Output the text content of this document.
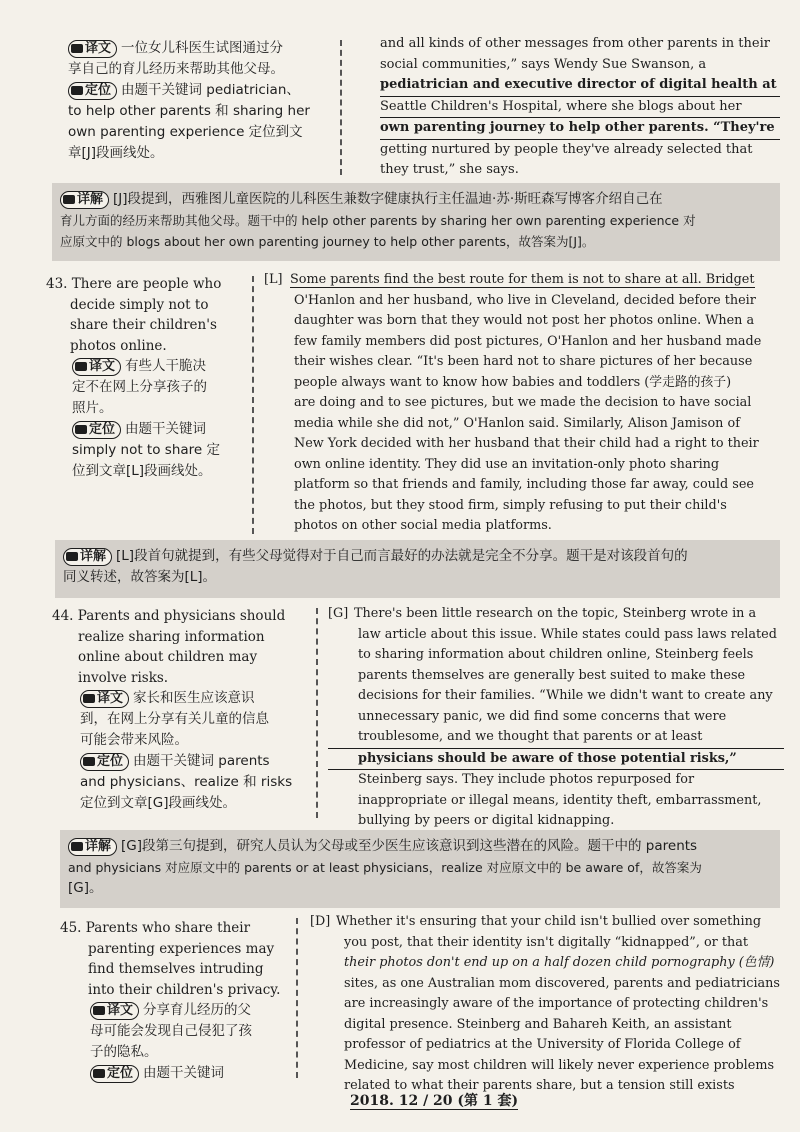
译文 一位女儿科医生试图通过分
享自己的育儿经历来帮助其他父母。
定位 由题干关键词 pediatrician、
to help other parents 和 sharing her
own parenting experience 定位到文
章[J]段画线处。
and all kinds of other messages from other parents in their
social communities,” says Wendy Sue Swanson, a
pediatrician and executive director of digital health at
Seattle Children's Hospital, where she blogs about her
own parenting journey to help other parents. “They're
getting nurtured by people they've already selected that
they trust,” she says.
详解 [J]段提到，西雅图儿童医院的儿科医生兼数字健康执行主任温迪·苏·斯旺森写博客介绍自己在
育儿方面的经历来帮助其他父母。题干中的 help other parents by sharing her own parenting experience 对
应原文中的 blogs about her own parenting journey to help other parents，故答案为[J]。
43. There are people who
decide simply not to
share their children's
photos online.
译文 有些人干脆决
定不在网上分享孩子的
照片。
定位 由题干关键词
simply not to share 定
位到文章[L]段画线处。
[L] Some parents find the best route for them is not to share at all. Bridget
O'Hanlon and her husband, who live in Cleveland, decided before their
daughter was born that they would not post her photos online. When a
few family members did post pictures, O'Hanlon and her husband made
their wishes clear. “It's been hard not to share pictures of her because
people always want to know how babies and toddlers (学走路的孩子)
are doing and to see pictures, but we made the decision to have social
media while she did not,” O'Hanlon said. Similarly, Alison Jamison of
New York decided with her husband that their child had a right to their
own online identity. They did use an invitation-only photo sharing
platform so that friends and family, including those far away, could see
the photos, but they stood firm, simply refusing to put their child's
photos on other social media platforms.
详解 [L]段首句就提到，有些父母觉得对于自己而言最好的办法就是完全不分享。题干是对该段首句的
同义转述，故答案为[L]。
44. Parents and physicians should
realize sharing information
online about children may
involve risks.
译文 家长和医生应该意识
到，在网上分享有关儿童的信息
可能会带来风险。
定位 由题干关键词 parents
and physicians、realize 和 risks
定位到文章[G]段画线处。
[G] There's been little research on the topic, Steinberg wrote in a
law article about this issue. While states could pass laws related
to sharing information about children online, Steinberg feels
parents themselves are generally best suited to make these
decisions for their families. “While we didn't want to create any
unnecessary panic, we did find some concerns that were
troublesome, and we thought that parents or at least
physicians should be aware of those potential risks,”
Steinberg says. They include photos repurposed for
inappropriate or illegal means, identity theft, embarrassment,
bullying by peers or digital kidnapping.
详解 [G]段第三句提到，研究人员认为父母或至少医生应该意识到这些潜在的风险。题干中的 parents
and physicians 对应原文中的 parents or at least physicians，realize 对应原文中的 be aware of，故答案为
[G]。
45. Parents who share their
parenting experiences may
find themselves intruding
into their children's privacy.
译文 分享育儿经历的父
母可能会发现自己侵犯了孩
子的隐私。
定位 由题干关键词
[D] Whether it's ensuring that your child isn't bullied over something
you post, that their identity isn't digitally “kidnapped”, or that
their photos don't end up on a half dozen child pornography (色情)
sites, as one Australian mom discovered, parents and pediatricians
are increasingly aware of the importance of protecting children's
digital presence. Steinberg and Bahareh Keith, an assistant
professor of pediatrics at the University of Florida College of
Medicine, say most children will likely never experience problems
related to what their parents share, but a tension still exists
2018. 12 / 20 (第 1 套)
